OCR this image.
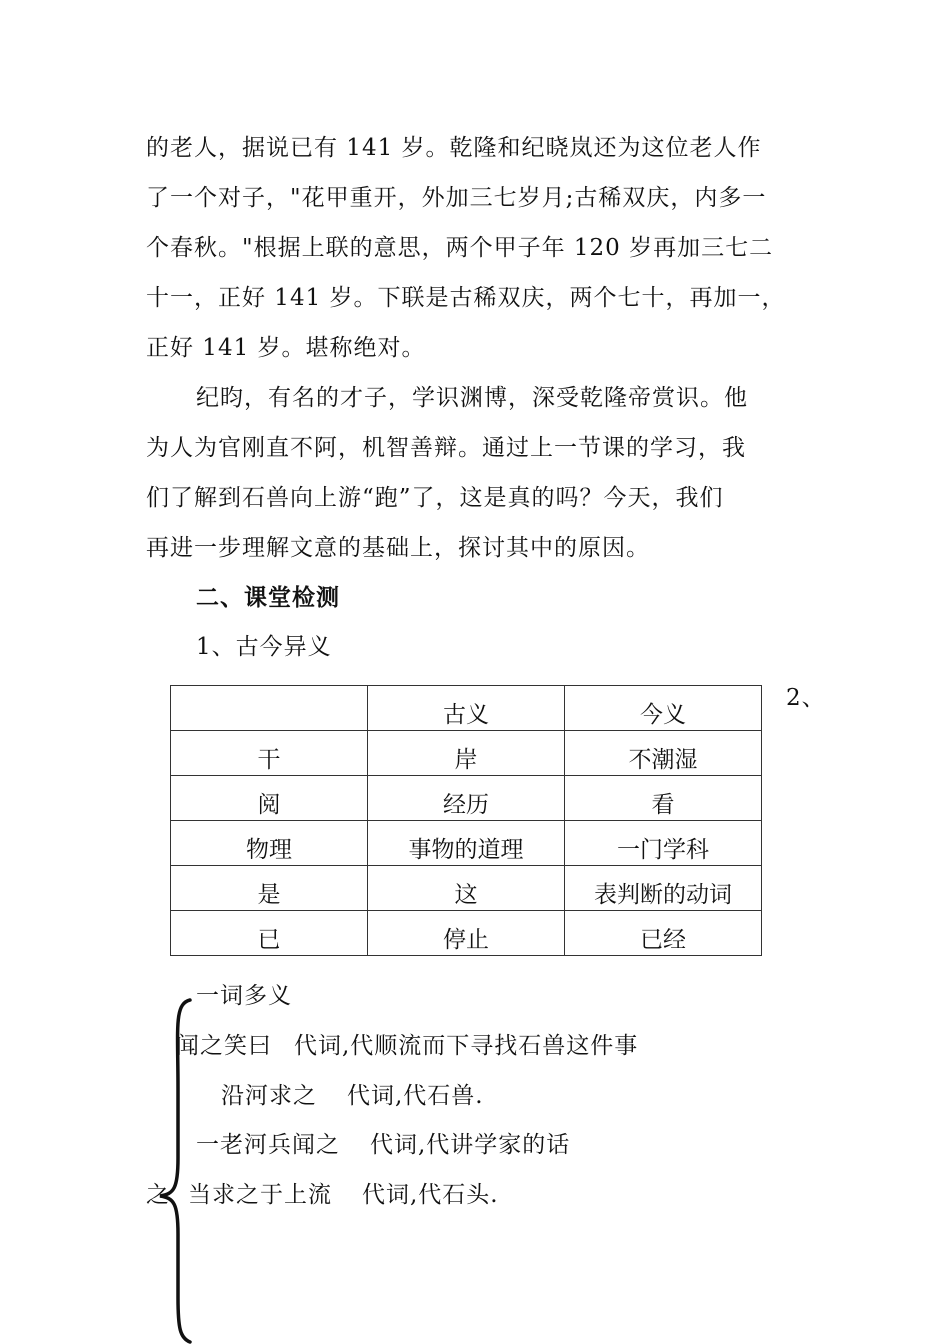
的老人，据说已有 141 岁。乾隆和纪晓岚还为这位老人作
了一个对子，"花甲重开，外加三七岁月;古稀双庆，内多一
个春秋。"根据上联的意思，两个甲子年 120 岁再加三七二
十一，正好 141 岁。下联是古稀双庆，两个七十，再加一，
正好 141 岁。堪称绝对。
纪昀，有名的才子，学识渊博，深受乾隆帝赏识。他
为人为官刚直不阿，机智善辩。通过上一节课的学习，我
们了解到石兽向上游“跑”了，这是真的吗？今天，我们
再进一步理解文意的基础上，探讨其中的原因。
二、课堂检测
1、古今异义
	古义	今义
干	岸	不潮湿
阅	经历	看
物理	事物的道理	一门学科
是	这	表判断的动词
已	停止	已经
2、
一词多义
闻之笑曰 代词,代顺流而下寻找石兽这件事
沿河求之 代词,代石兽.
一老河兵闻之 代词,代讲学家的话
之 当求之于上流 代词,代石头.
